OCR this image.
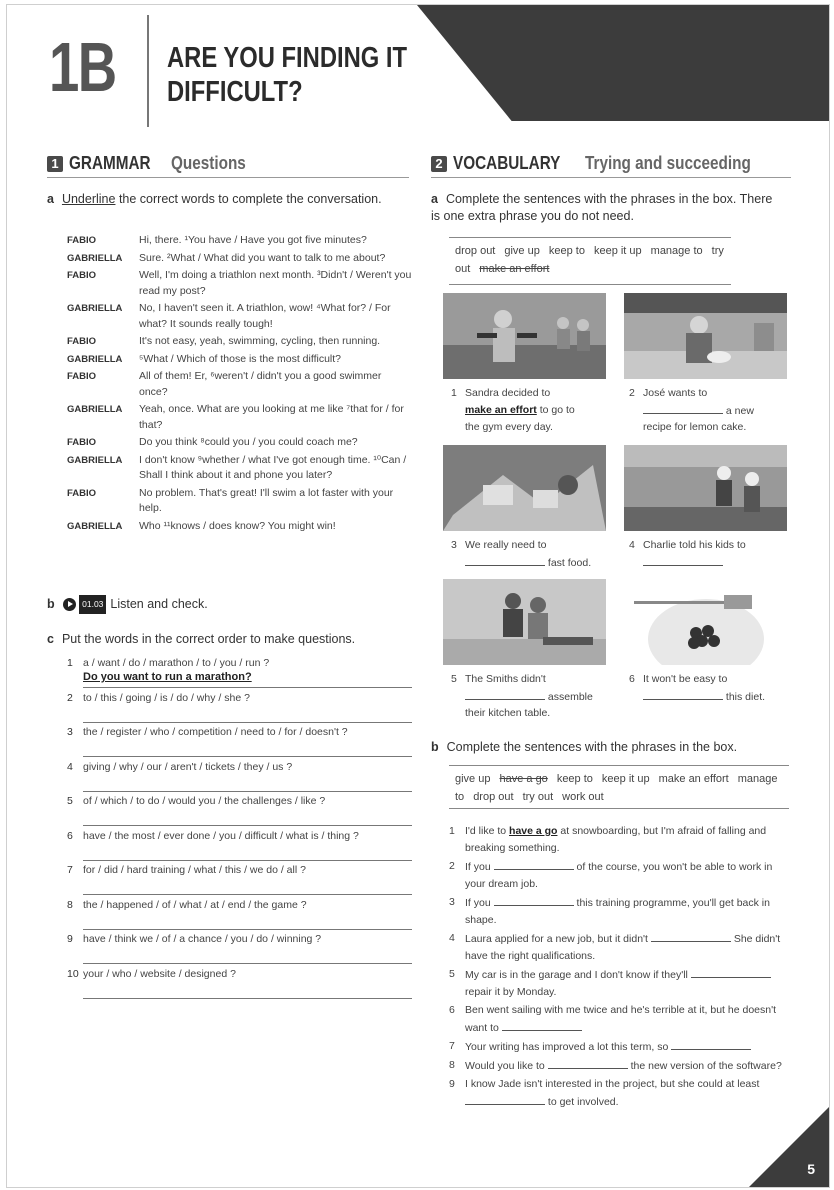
1B ARE YOU FINDING IT
DIFFICULT?
1 GRAMMAR Questions
a Underline the correct words to complete the conversation.
FABIO	Hi, there. ¹You have / Have you got five minutes?
GABRIELLA	Sure. ²What / What did you want to talk to me about?
FABIO	Well, I'm doing a triathlon next month. ³Didn't / Weren't you read my post?
GABRIELLA	No, I haven't seen it. A triathlon, wow! ⁴What for? / For what? It sounds really tough!
FABIO	It's not easy, yeah, swimming, cycling, then running.
GABRIELLA	⁵What / Which of those is the most difficult?
FABIO	All of them! Er, ⁶weren't / didn't you a good swimmer once?
GABRIELLA	Yeah, once. What are you looking at me like ⁷that for / for that?
FABIO	Do you think ⁸could you / you could coach me?
GABRIELLA	I don't know ⁹whether / what I've got enough time. ¹⁰Can / Shall I think about it and phone you later?
FABIO	No problem. That's great! I'll swim a lot faster with your help.
GABRIELLA	Who ¹¹knows / does know? You might win!
b	01.03 Listen and check.
c Put the words in the correct order to make questions.
1 a / want / do / marathon / to / you / run ?
Do you want to run a marathon?
2 to / this / going / is / do / why / she ?
3 the / register / who / competition / need to / for / doesn't ?
4 giving / why / our / aren't / tickets / they / us ?
5 of / which / to do / would you / the challenges / like ?
6 have / the most / ever done / you / difficult / what is / thing ?
7 for / did / hard training / what / this / we do / all ?
8 the / happened / of / what / at / end / the game ?
9 have / think we / of / a chance / you / do / winning ?
10 your / who / website / designed ?
2 VOCABULARY Trying and succeeding
a Complete the sentences with the phrases in the box. There is one extra phrase you do not need.
drop out give up keep to keep it up manage to try out make an effort
1 Sandra decided to
make an effort to go to
the gym every day.
2 José wants to
a new
recipe for lemon cake.
3 We really need to
fast food.
4 Charlie told his kids to
5 The Smiths didn't
assemble
their kitchen table.
6 It won't be easy to
this diet.
b Complete the sentences with the phrases in the box.
give up have a go keep to keep it up make an effort manage to drop out try out work out
1 I'd like to have a go at snowboarding, but I'm afraid of falling and breaking something.
2 If you	of the course, you won't be able to work in your dream job.
3 If you	this training programme, you'll get back in shape.
4 Laura applied for a new job, but it didn't	She didn't have the right qualifications.
5 My car is in the garage and I don't know if they'll  repair it by Monday.
6 Ben went sailing with me twice and he's terrible at it, but he doesn't want to
7 Your writing has improved a lot this term, so
8 Would you like to	the new version of the software?
9 I know Jade isn't interested in the project, but she could at least  to get involved.
5
